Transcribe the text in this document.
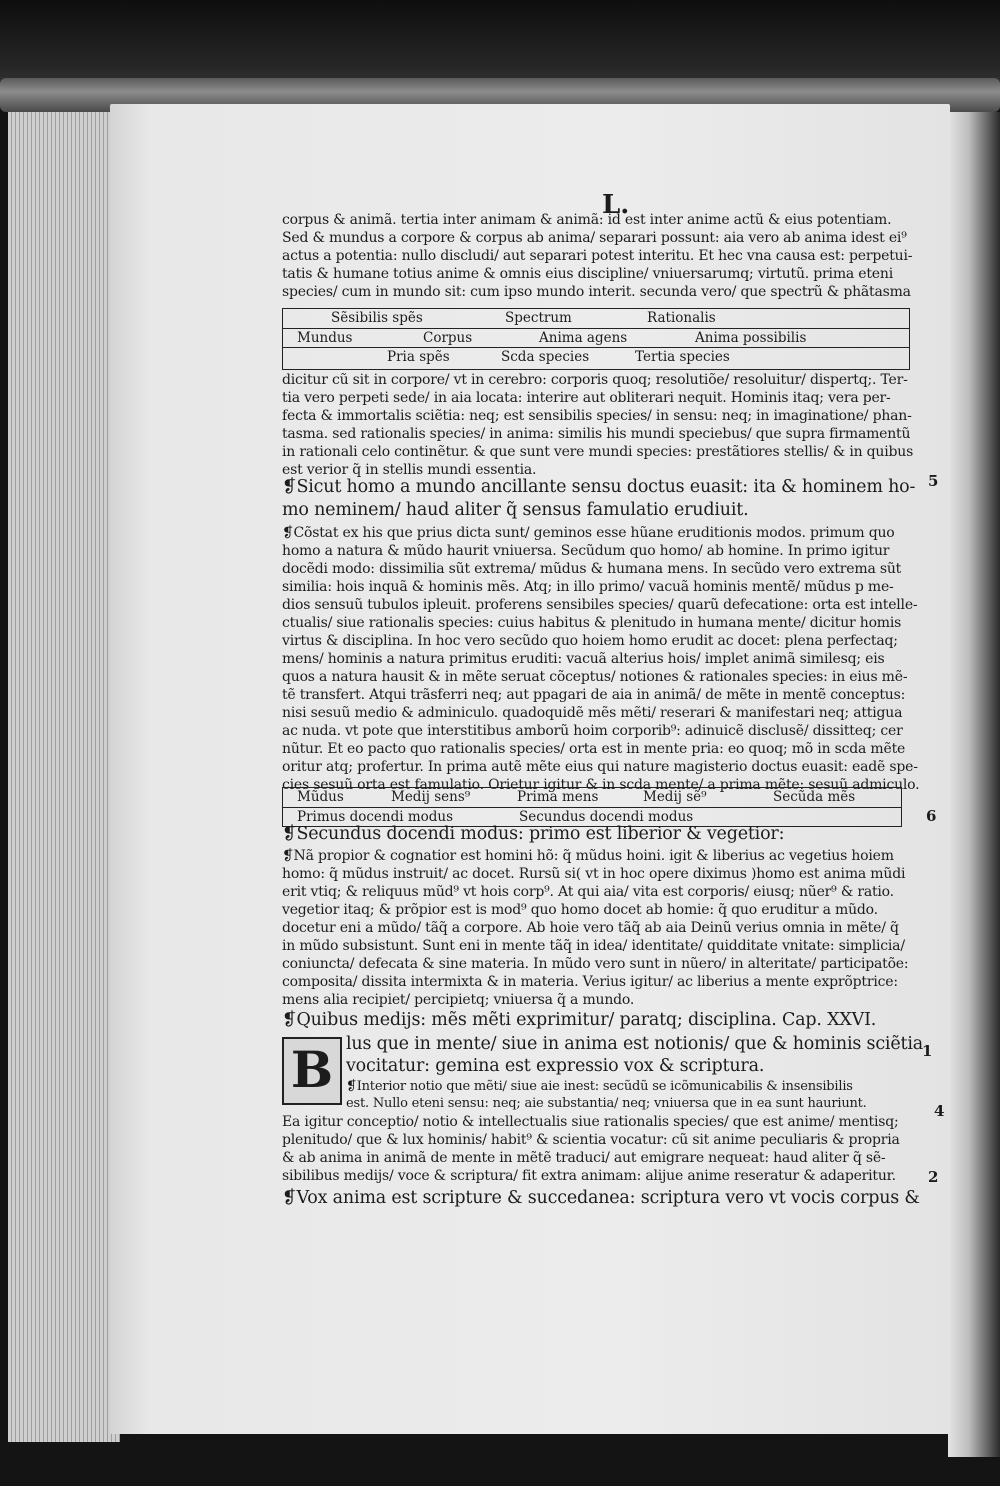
L.
corpus & animã. tertia inter animam & animã: id est inter anime actũ & eius potentiam.
Sed & mundus a corpore & corpus ab anima/ separari possunt: aia vero ab anima idest ei⁹
actus a potentia: nullo discludi/ aut separari potest interitu. Et hec vna causa est: perpetui-
tatis & humane totius anime & omnis eius discipline/ vniuersarumq; virtutũ. prima eteni
species/ cum in mundo sit: cum ipso mundo interit. secunda vero/ que spectrũ & phãtasma
Sẽsibilis spẽs	Spectrum	Rationalis
Mundus	Corpus	Anima agens	Anima possibilis
Pria spẽs	Scda species	Tertia species
dicitur cũ sit in corpore/ vt in cerebro: corporis quoq; resolutiõe/ resoluitur/ dispertq;. Ter-
tia vero perpeti sede/ in aia locata: interire aut obliterari nequit. Hominis itaq; vera per-
fecta & immortalis sciẽtia: neq; est sensibilis species/ in sensu: neq; in imaginatione/ phan-
tasma. sed rationalis species/ in anima: similis his mundi speciebus/ que supra firmamentũ
in rationali celo continẽtur. & que sunt vere mundi species: prestãtiores stellis/ & in quibus
est verior q̃ in stellis mundi essentia.
❡Sicut homo a mundo ancillante sensu doctus euasit: ita & hominem ho-
mo neminem/ haud aliter q̃ sensus famulatio erudiuit.
❡Cõstat ex his que prius dicta sunt/ geminos esse hũane eruditionis modos. primum quo
homo a natura & mũdo haurit vniuersa. Secũdum quo homo/ ab homine. In primo igitur
docẽdi modo: dissimilia sũt extrema/ mũdus & humana mens. In secũdo vero extrema sũt
similia: hois inquã & hominis mẽs. Atq; in illo primo/ vacuã hominis mentẽ/ mũdus p me-
dios sensuũ tubulos ipleuit. proferens sensibiles species/ quarũ defecatione: orta est intelle-
ctualis/ siue rationalis species: cuius habitus & plenitudo in humana mente/ dicitur homis
virtus & disciplina. In hoc vero secũdo quo hoiem homo erudit ac docet: plena perfectaq;
mens/ hominis a natura primitus eruditi: vacuã alterius hois/ implet animã similesq; eis
quos a natura hausit & in mẽte seruat cõceptus/ notiones & rationales species: in eius mẽ-
tẽ transfert. Atqui trãsferri neq; aut ppagari de aia in animã/ de mẽte in mentẽ conceptus:
nisi sesuũ medio & adminiculo. quadoquidẽ mẽs mẽti/ reserari & manifestari neq; attigua
ac nuda. vt pote que interstitibus amborũ hoim corporib⁹: adinuicẽ disclusẽ/ dissitteq; cer
nũtur. Et eo pacto quo rationalis species/ orta est in mente pria: eo quoq; mõ in scda mẽte
oritur atq; profertur. In prima autẽ mẽte eius qui nature magisterio doctus euasit: eadẽ spe-
cies sesuũ orta est famulatio. Orietur igitur & in scda mente/ a prima mẽte: sesuũ admiculo.
Mũdus	Medij sens⁹	Prima mens	Medij sẽ⁹	Secũda mẽs
Primus docendi modus	Secundus docendi modus
❡Secundus docendi modus: primo est liberior & vegetior:
❡Nã propior & cognatior est homini hõ: q̃ mũdus hoini. igit & liberius ac vegetius hoiem
homo: q̃ mũdus instruit/ ac docet. Rursũ si( vt in hoc opere diximus )homo est anima mũdi
erit vtiq; & reliquus mũd⁹ vt hois corp⁹. At qui aia/ vita est corporis/ eiusq; nũer⁹ & ratio.
vegetior itaq; & prõpior est is mod⁹ quo homo docet ab homie: q̃ quo eruditur a mũdo.
docetur eni a mũdo/ tãq̃ a corpore. Ab hoie vero tãq̃ ab aia Deinũ verius omnia in mẽte/ q̃
in mũdo subsistunt. Sunt eni in mente tãq̃ in idea/ identitate/ quidditate vnitate: simplicia/
coniuncta/ defecata & sine materia. In mũdo vero sunt in nũero/ in alteritate/ participatõe:
composita/ dissita intermixta & in materia. Verius igitur/ ac liberius a mente exprõptrice:
mens alia recipiet/ percipietq; vniuersa q̃ a mundo.
❡Quibus medijs: mẽs mẽti exprimitur/ paratq; disciplina. Cap. XXVI.
lus que in mente/ siue in anima est notionis/ que & hominis sciẽtia
vocitatur: gemina est expressio vox & scriptura.
❡Interior notio que mẽti/ siue aie inest: secũdũ se icõmunicabilis & insensibilis
est. Nullo eteni sensu: neq; aie substantia/ neq; vniuersa que in ea sunt hauriunt.
Ea igitur conceptio/ notio & intellectualis siue rationalis species/ que est anime/ mentisq;
plenitudo/ que & lux hominis/ habit⁹ & scientia vocatur: cũ sit anime peculiaris & propria
& ab anima in animã de mente in mẽtẽ traduci/ aut emigrare nequeat: haud aliter q̃ sẽ-
sibilibus medijs/ voce & scriptura/ fit extra animam: alijue anime reseratur & adaperitur.
❡Vox anima est scripture & succedanea: scriptura vero vt vocis corpus &
B
5
6
1
4
2
